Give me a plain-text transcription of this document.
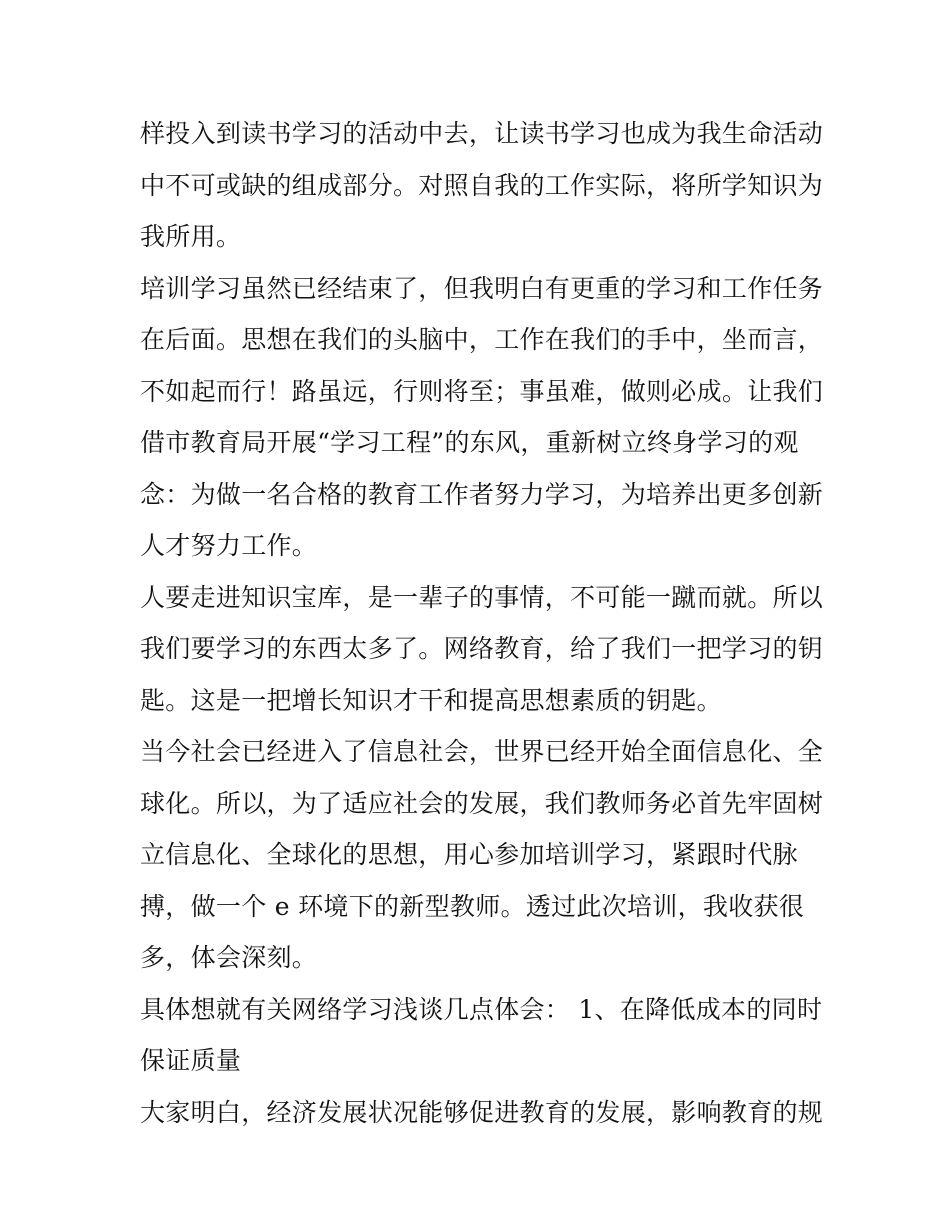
样投入到读书学习的活动中去，让读书学习也成为我生命活动
中不可或缺的组成部分。对照自我的工作实际，将所学知识为
我所用。
培训学习虽然已经结束了，但我明白有更重的学习和工作任务
在后面。思想在我们的头脑中，工作在我们的手中，坐而言，
不如起而行！路虽远，行则将至；事虽难，做则必成。让我们
借市教育局开展“学习工程”的东风，重新树立终身学习的观
念：为做一名合格的教育工作者努力学习，为培养出更多创新
人才努力工作。
人要走进知识宝库，是一辈子的事情，不可能一蹴而就。所以
我们要学习的东西太多了。网络教育，给了我们一把学习的钥
匙。这是一把增长知识才干和提高思想素质的钥匙。
当今社会已经进入了信息社会，世界已经开始全面信息化、全
球化。所以，为了适应社会的发展，我们教师务必首先牢固树
立信息化、全球化的思想，用心参加培训学习，紧跟时代脉
搏，做一个 e 环境下的新型教师。透过此次培训，我收获很
多，体会深刻。
具体想就有关网络学习浅谈几点体会： 1、在降低成本的同时
保证质量
大家明白，经济发展状况能够促进教育的发展，影响教育的规
